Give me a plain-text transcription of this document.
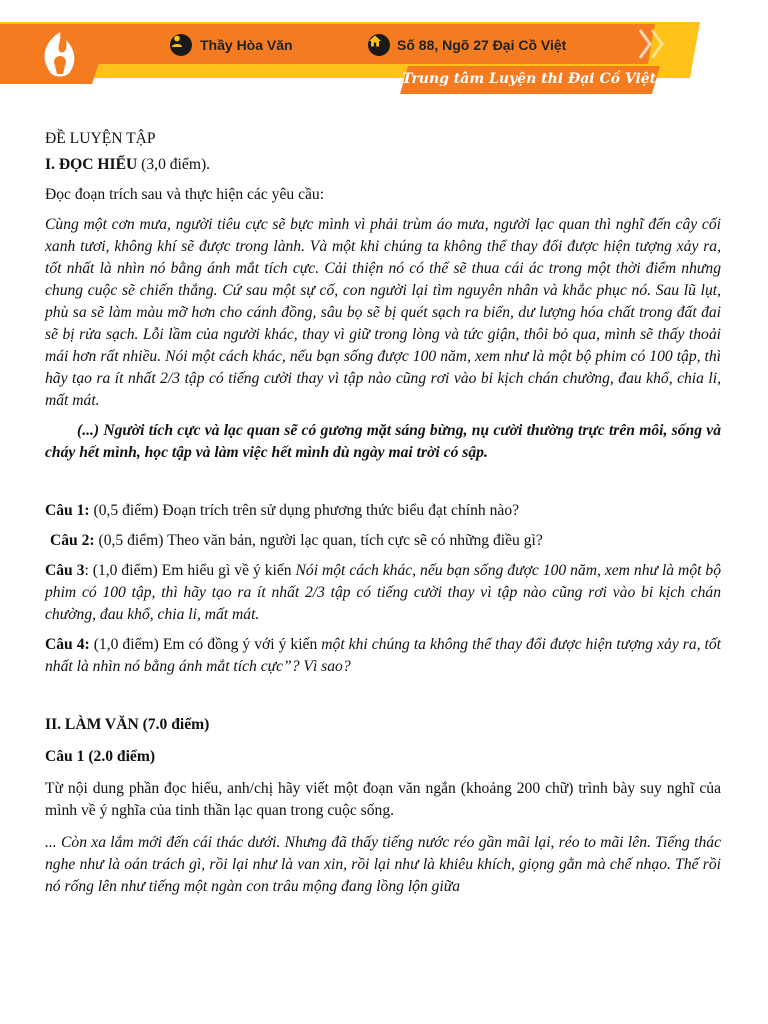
Thầy Hòa Văn	Số 88, Ngõ 27 Đại Cồ Việt
Trung tâm Luyện thi Đại Cồ Việt

ĐỀ LUYỆN TẬP

I. ĐỌC HIỂU (3,0 điểm).

Đọc đoạn trích sau và thực hiện các yêu cầu:

Cùng một cơn mưa, người tiêu cực sẽ bực mình vì phải trùm áo mưa, người lạc quan thì nghĩ đến cây cối xanh tươi, không khí sẽ được trong lành. Và một khi chúng ta không thể thay đổi được hiện tượng xảy ra, tốt nhất là nhìn nó bằng ánh mắt tích cực. Cải thiện nó có thể sẽ thua cái ác trong một thời điểm nhưng chung cuộc sẽ chiến thắng. Cứ sau một sự cố, con người lại tìm nguyên nhân và khắc phục nó. Sau lũ lụt, phù sa sẽ làm màu mỡ hơn cho cánh đồng, sâu bọ sẽ bị quét sạch ra biển, dư lượng hóa chất trong đất đai sẽ bị rửa sạch. Lỗi lầm của người khác, thay vì giữ trong lòng và tức giận, thôi bỏ qua, mình sẽ thấy thoải mái hơn rất nhiều. Nói một cách khác, nếu bạn sống được 100 năm, xem như là một bộ phim có 100 tập, thì hãy tạo ra ít nhất 2/3 tập có tiếng cười thay vì tập nào cũng rơi vào bi kịch chán chường, đau khổ, chia li, mất mát.

(...) Người tích cực và lạc quan sẽ có gương mặt sáng bừng, nụ cười thường trực trên môi, sống và cháy hết mình, học tập và làm việc hết mình dù ngày mai trời có sập.

Câu 1: (0,5 điểm) Đoạn trích trên sử dụng phương thức biểu đạt chính nào?

Câu 2: (0,5 điểm) Theo văn bản, người lạc quan, tích cực sẽ có những điều gì?

Câu 3: (1,0 điểm) Em hiểu gì về ý kiến Nói một cách khác, nếu bạn sống được 100 năm, xem như là một bộ phim có 100 tập, thì hãy tạo ra ít nhất 2/3 tập có tiếng cười thay vì tập nào cũng rơi vào bi kịch chán chường, đau khổ, chia li, mất mát.

Câu 4: (1,0 điểm) Em có đồng ý với ý kiến một khi chúng ta không thể thay đổi được hiện tượng xảy ra, tốt nhất là nhìn nó bằng ánh mắt tích cực”? Vì sao?

II. LÀM VĂN (7.0 điểm)

Câu 1 (2.0 điểm)

Từ nội dung phần đọc hiểu, anh/chị hãy viết một đoạn văn ngắn (khoảng 200 chữ) trình bày suy nghĩ của mình về ý nghĩa của tinh thần lạc quan trong cuộc sống.

... Còn xa lắm mới đến cái thác dưới. Nhưng đã thấy tiếng nước réo gần mãi lại, réo to mãi lên. Tiếng thác nghe như là oán trách gì, rồi lại như là van xin, rồi lại như là khiêu khích, giọng gằn mà chế nhạo. Thế rồi nó rống lên như tiếng một ngàn con trâu mộng đang lồng lộn giữa
